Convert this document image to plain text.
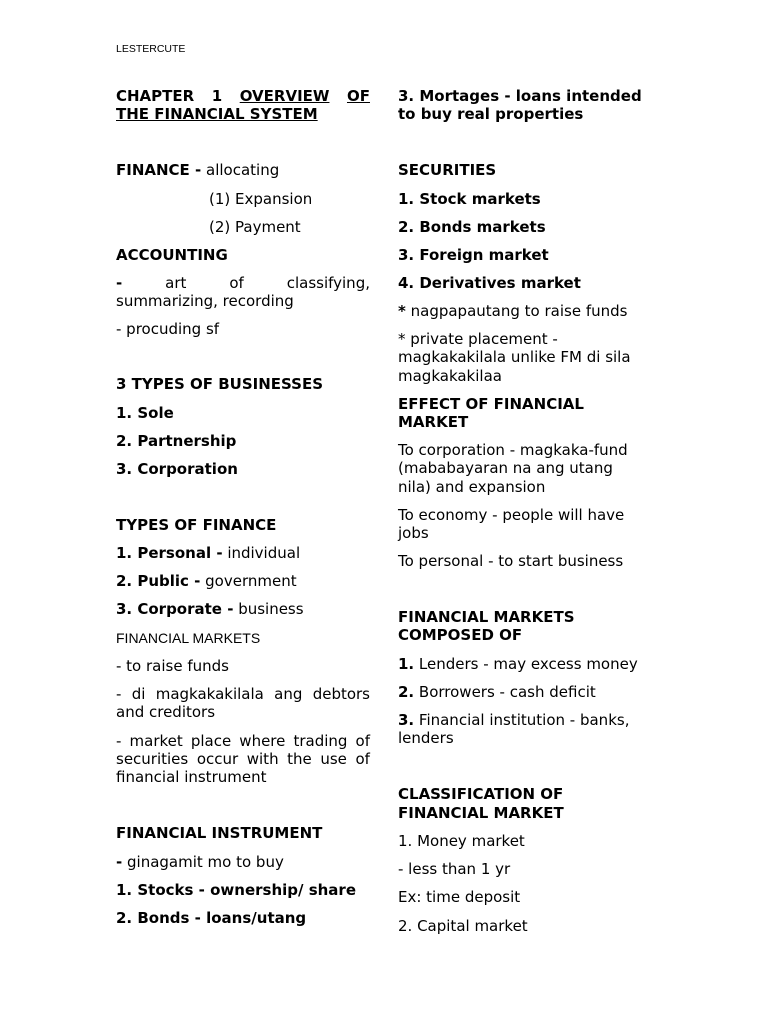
LESTERCUTE
CHAPTER 1 OVERVIEW OF
THE FINANCIAL SYSTEM
FINANCE - allocating
(1) Expansion
(2) Payment
ACCOUNTING
-	art	of	classifying,
summarizing, recording
- procuding sf
3 TYPES OF BUSINESSES
1. Sole
2. Partnership
3. Corporation
TYPES OF FINANCE
1. Personal - individual
2. Public - government
3. Corporate - business
FINANCIAL MARKETS
- to raise funds
- di magkakakilala ang debtors
and creditors
- market place where trading of
securities occur with the use of
financial instrument
FINANCIAL INSTRUMENT
- ginagamit mo to buy
1. Stocks - ownership/ share
2. Bonds - loans/utang
3. Mortages - loans intended
to buy real properties
SECURITIES
1. Stock markets
2. Bonds markets
3. Foreign market
4. Derivatives market
* nagpapautang to raise funds
* private placement -
magkakakilala unlike FM di sila
magkakakilaa
EFFECT OF FINANCIAL
MARKET
To corporation - magkaka-fund
(mababayaran na ang utang
nila) and expansion
To economy - people will have
jobs
To personal - to start business
FINANCIAL MARKETS
COMPOSED OF
1. Lenders - may excess money
2. Borrowers - cash deficit
3. Financial institution - banks,
lenders
CLASSIFICATION OF
FINANCIAL MARKET
1. Money market
- less than 1 yr
Ex: time deposit
2. Capital market
